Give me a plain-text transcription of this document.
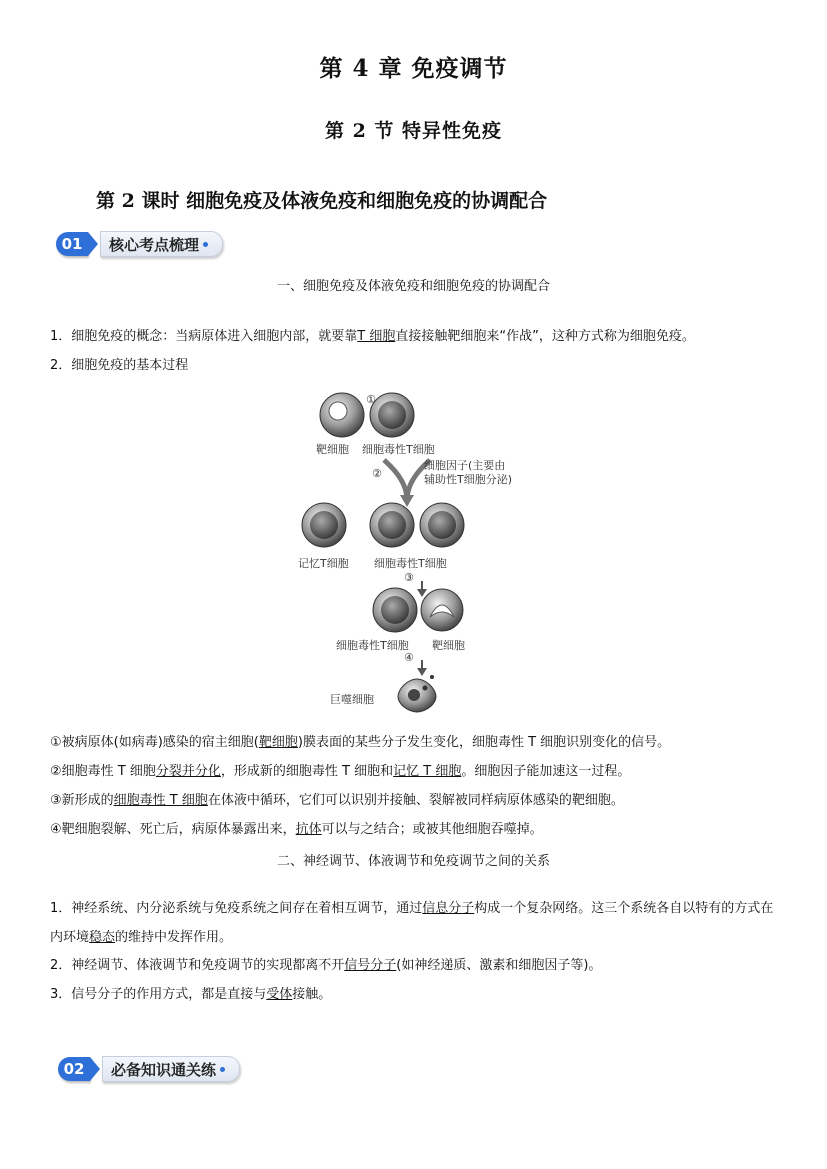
第 4 章 免疫调节
第 2 节 特异性免疫
第 2 课时 细胞免疫及体液免疫和细胞免疫的协调配合
01	核心考点梳理
一、细胞免疫及体液免疫和细胞免疫的协调配合
1．细胞免疫的概念：当病原体进入细胞内部，就要靠T 细胞直接接触靶细胞来“作战”，这种方式称为细胞免疫。
2．细胞免疫的基本过程
①
靶细胞 细胞毒性T细胞
②
细胞因子(主要由
辅助性T细胞分泌)
记忆T细胞 细胞毒性T细胞
③
细胞毒性T细胞 靶细胞
④
巨噬细胞
①被病原体(如病毒)感染的宿主细胞(靶细胞)膜表面的某些分子发生变化，细胞毒性 T 细胞识别变化的信号。
②细胞毒性 T 细胞分裂并分化，形成新的细胞毒性 T 细胞和记忆 T 细胞。细胞因子能加速这一过程。
③新形成的细胞毒性 T 细胞在体液中循环，它们可以识别并接触、裂解被同样病原体感染的靶细胞。
④靶细胞裂解、死亡后，病原体暴露出来，抗体可以与之结合；或被其他细胞吞噬掉。
二、神经调节、体液调节和免疫调节之间的关系
1．神经系统、内分泌系统与免疫系统之间存在着相互调节，通过信息分子构成一个复杂网络。这三个系统各自以特有的方式在内环境稳态的维持中发挥作用。
2．神经调节、体液调节和免疫调节的实现都离不开信号分子(如神经递质、激素和细胞因子等)。
3．信号分子的作用方式，都是直接与受体接触。
02	必备知识通关练
